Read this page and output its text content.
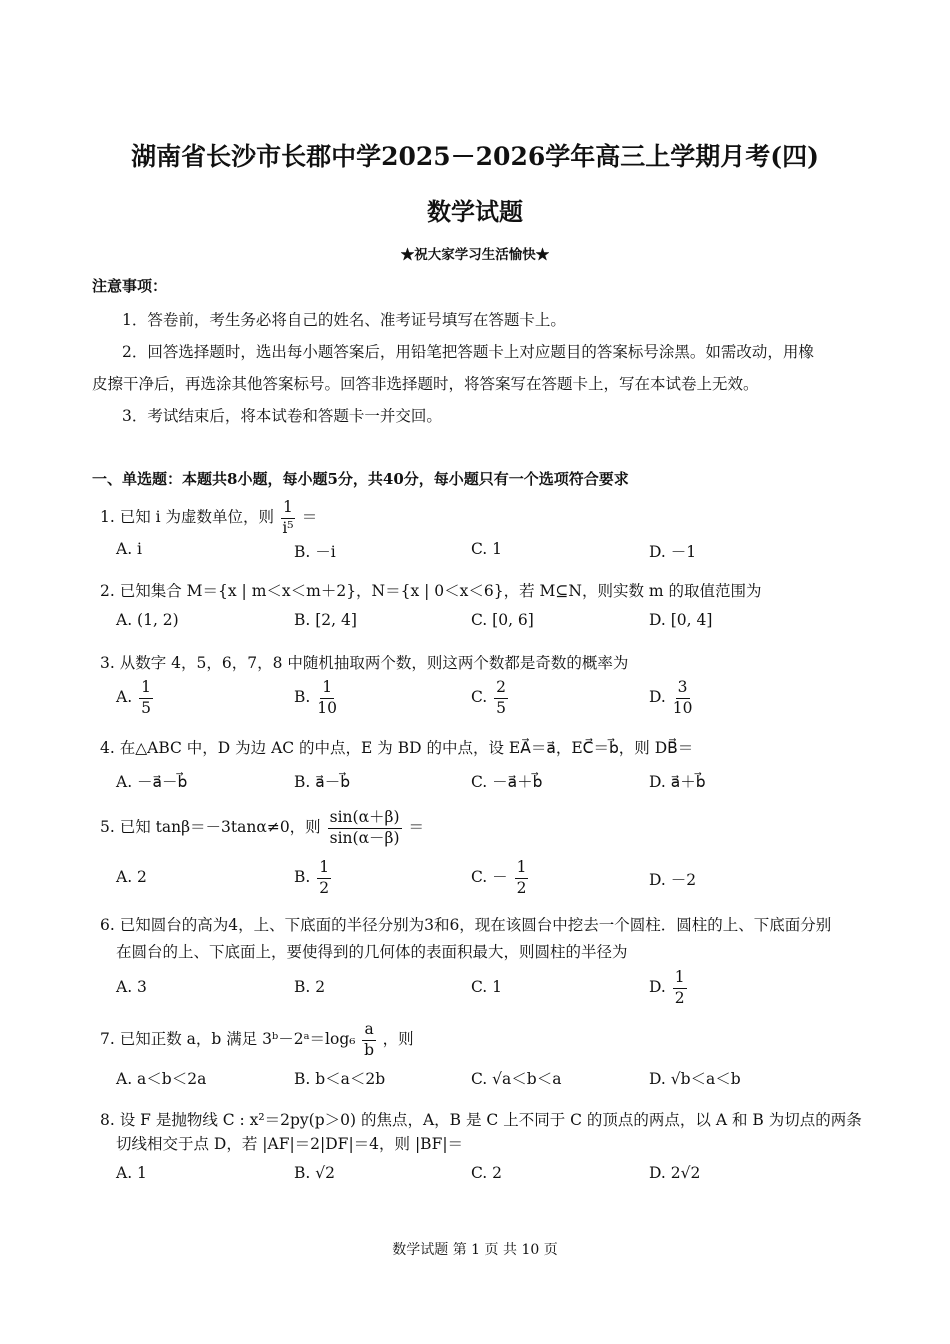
湖南省长沙市长郡中学2025－2026学年高三上学期月考(四)
数学试题
★祝大家学习生活愉快★
注意事项：
1．答卷前，考生务必将自己的姓名、准考证号填写在答题卡上。
2．回答选择题时，选出每小题答案后，用铅笔把答题卡上对应题目的答案标号涂黑。如需改动，用橡
皮擦干净后，再选涂其他答案标号。回答非选择题时，将答案写在答题卡上，写在本试卷上无效。
3．考试结束后，将本试卷和答题卡一并交回。
一、单选题：本题共8小题，每小题5分，共40分，每小题只有一个选项符合要求
1. 已知 i 为虚数单位，则 $\frac{1}{\text{i⁵}}$ ＝
A. i	B. －i	C. 1	D. －1
2. 已知集合 M＝{x | m＜x＜m＋2}，N＝{x | 0＜x＜6}，若 M⊆N，则实数 m 的取值范围为
A. (1, 2)	B. [2, 4]	C. [0, 6]	D. [0, 4]
3. 从数字 4，5，6，7，8 中随机抽取两个数，则这两个数都是奇数的概率为
A. $\frac{1}{5}$	B. $\frac{1}{10}$	C. $\frac{2}{5}$	D. $\frac{3}{10}$
4. 在△ABC 中，D 为边 AC 的中点，E 为 BD 的中点，设 EA⃗＝a⃗，EC⃗＝b⃗，则 DB⃗＝
A. －a⃗－b⃗	B. a⃗－b⃗	C. －a⃗＋b⃗	D. a⃗＋b⃗
5. 已知 tanβ＝－3tanα≠0，则 $\frac{\sin(\alpha+\beta)}{\sin(\alpha-\beta)}$ ＝
A. 2	B. $\frac{1}{2}$	C. － $\frac{1}{2}$	D. －2
6. 已知圆台的高为4，上、下底面的半径分别为3和6，现在该圆台中挖去一个圆柱．圆柱的上、下底面分别
在圆台的上、下底面上，要使得到的几何体的表面积最大，则圆柱的半径为
A. 3	B. 2	C. 1	D. $\frac{1}{2}$
7. 已知正数 a，b 满足 3ᵇ－2ᵃ＝log₆ $\frac{a}{b}$ ，则
A. a＜b＜2a	B. b＜a＜2b	C. √a＜b＜a	D. √b＜a＜b
8. 设 F 是抛物线 C : x²＝2py(p＞0) 的焦点，A，B 是 C 上不同于 C 的顶点的两点，以 A 和 B 为切点的两条
切线相交于点 D，若 |AF|＝2|DF|＝4，则 |BF|＝
A. 1	B. √2	C. 2	D. 2√2
数学试题 第 1 页 共 10 页
